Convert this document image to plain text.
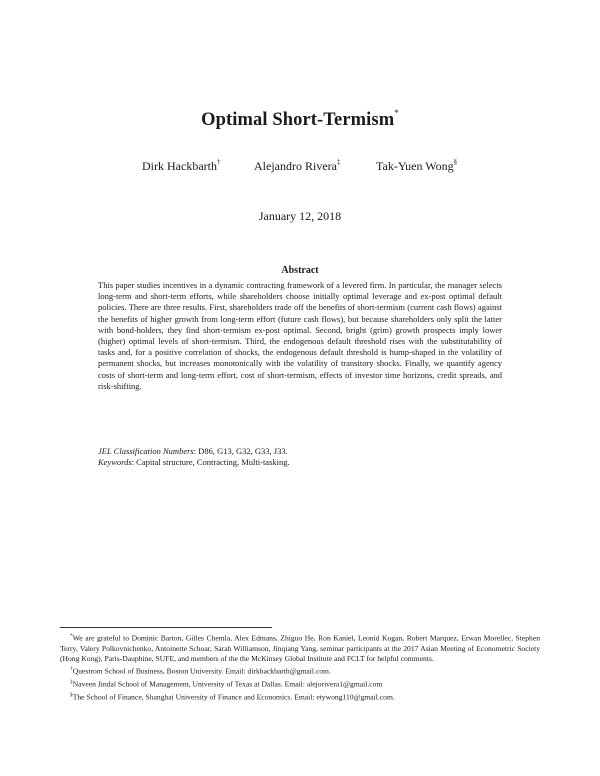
Optimal Short-Termism*
Dirk Hackbarth†	Alejandro Rivera‡	Tak-Yuen Wong§
January 12, 2018
Abstract

This paper studies incentives in a dynamic contracting framework of a levered firm. In particular, the manager selects long-term and short-term efforts, while shareholders choose initially optimal leverage and ex-post optimal default policies. There are three results. First, shareholders trade off the benefits of short-termism (current cash flows) against the benefits of higher growth from long-term effort (future cash flows), but because shareholders only split the latter with bond-holders, they find short-termism ex-post optimal. Second, bright (grim) growth prospects imply lower (higher) optimal levels of short-termism. Third, the endogenous default threshold rises with the substitutability of tasks and, for a positive correlation of shocks, the endogenous default threshold is hump-shaped in the volatility of permanent shocks, but increases monotonically with the volatility of transitory shocks. Finally, we quantify agency costs of short-term and long-term effort, cost of short-termism, effects of investor time horizons, credit spreads, and risk-shifting.

JEL Classification Numbers: D86, G13, G32, G33, J33.
Keywords: Capital structure, Contracting, Multi-tasking.

*We are grateful to Dominic Barton, Gilles Chemla, Alex Edmans, Zhiguo He, Ron Kaniel, Leonid Kogan, Robert Marquez, Erwan Morellec, Stephen Terry, Valery Polkovnichenko, Antoinette Schoar, Sarah Williamson, Jinqiang Yang, seminar participants at the 2017 Asian Meeting of Econometric Society (Hong Kong), Paris-Dauphine, SUFE, and members of the the McKinsey Global Institute and FCLT for helpful comments.

†Questrom School of Business, Boston University. Email: dirkhackbarth@gmail.com.

‡Naveen Jindal School of Management, University of Texas at Dallas. Email: alejorivera1@gmail.com

§The School of Finance, Shanghai University of Finance and Economics. Email: etywong110@gmail.com.
